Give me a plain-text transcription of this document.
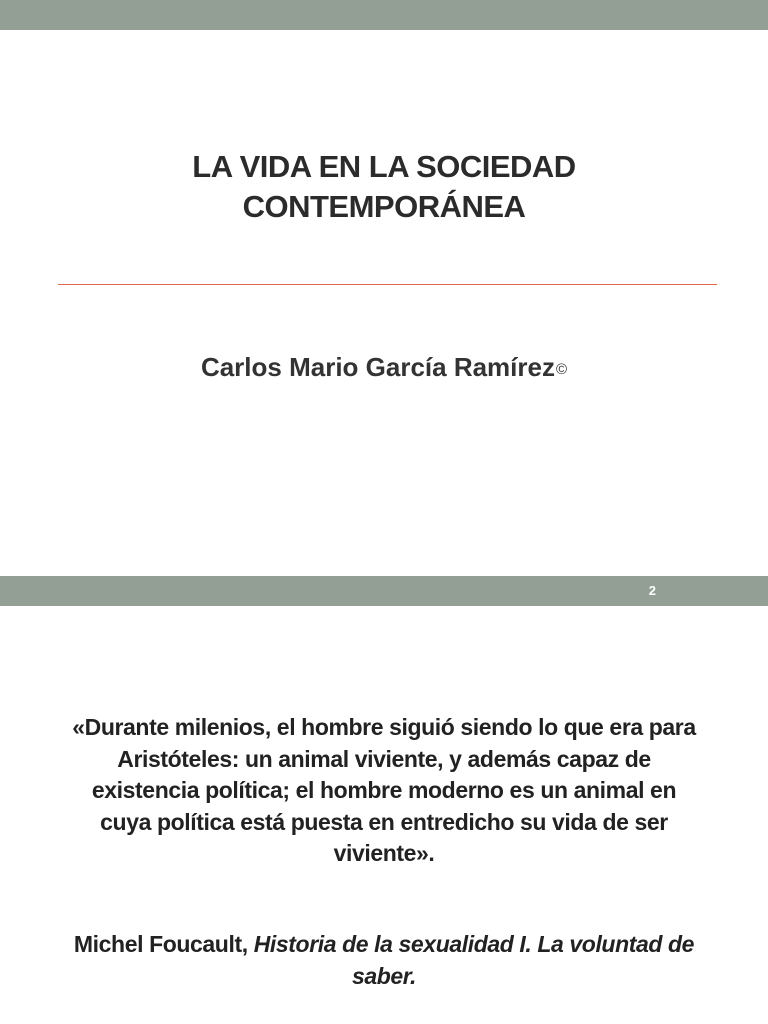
LA VIDA EN LA SOCIEDAD
CONTEMPORÁNEA
Carlos Mario García Ramírez©
2
«Durante milenios, el hombre siguió siendo lo que era para
Aristóteles: un animal viviente, y además capaz de
existencia política; el hombre moderno es un animal en
cuya política está puesta en entredicho su vida de ser
viviente».
Michel Foucault, Historia de la sexualidad I. La voluntad de
saber.
